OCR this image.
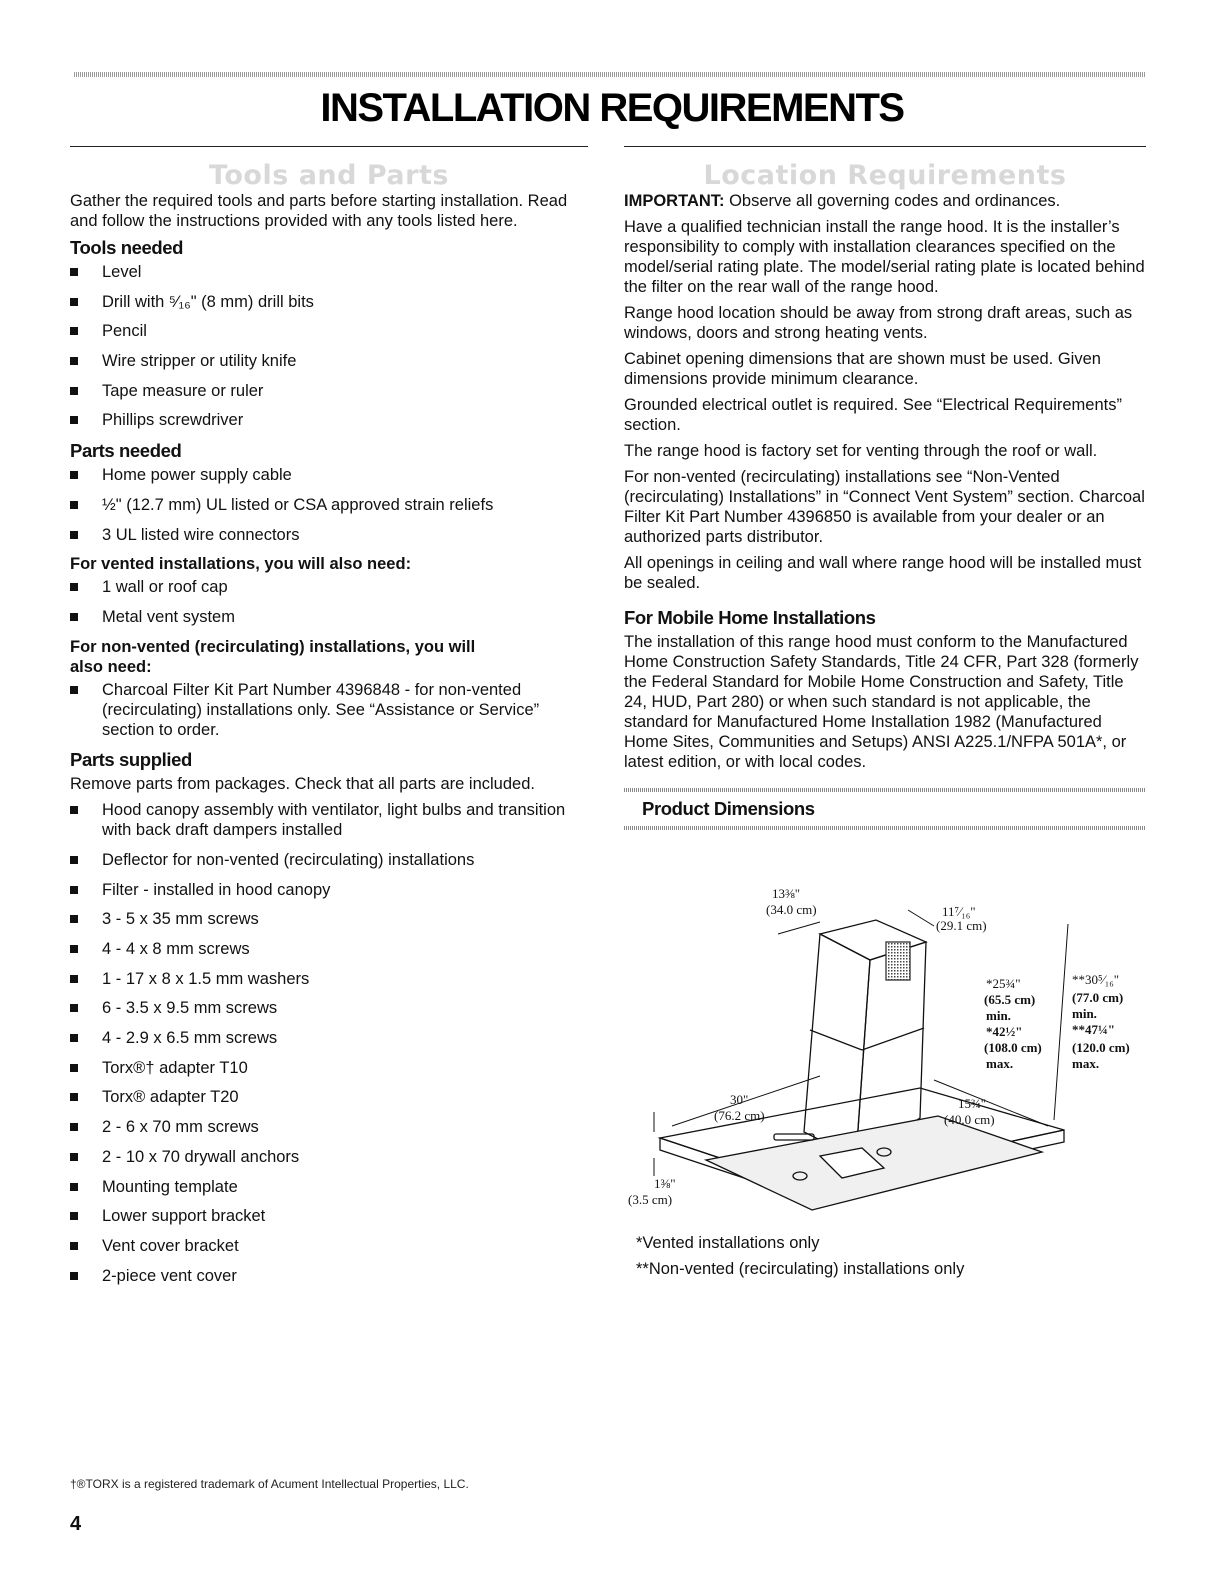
INSTALLATION REQUIREMENTS
Tools and Parts

Gather the required tools and parts before starting installation. Read and follow the instructions provided with any tools listed here.

Tools needed
Level
Drill with ⁵⁄₁₆" (8 mm) drill bits
Pencil
Wire stripper or utility knife
Tape measure or ruler
Phillips screwdriver
Parts needed
Home power supply cable
½" (12.7 mm) UL listed or CSA approved strain reliefs
3 UL listed wire connectors
For vented installations, you will also need:
1 wall or roof cap
Metal vent system
For non-vented (recirculating) installations, you will also need:
Charcoal Filter Kit Part Number 4396848 - for non-vented (recirculating) installations only. See “Assistance or Service” section to order.
Parts supplied

Remove parts from packages. Check that all parts are included.

Hood canopy assembly with ventilator, light bulbs and transition with back draft dampers installed
Deflector for non-vented (recirculating) installations
Filter - installed in hood canopy
3 - 5 x 35 mm screws
4 - 4 x 8 mm screws
1 - 17 x 8 x 1.5 mm washers
6 - 3.5 x 9.5 mm screws
4 - 2.9 x 6.5 mm screws
Torx®† adapter T10
Torx® adapter T20
2 - 6 x 70 mm screws
2 - 10 x 70 drywall anchors
Mounting template
Lower support bracket
Vent cover bracket
2-piece vent cover
Location Requirements

IMPORTANT: Observe all governing codes and ordinances.

Have a qualified technician install the range hood. It is the installer’s responsibility to comply with installation clearances specified on the model/serial rating plate. The model/serial rating plate is located behind the filter on the rear wall of the range hood.

Range hood location should be away from strong draft areas, such as windows, doors and strong heating vents.

Cabinet opening dimensions that are shown must be used. Given dimensions provide minimum clearance.

Grounded electrical outlet is required. See “Electrical Requirements” section.

The range hood is factory set for venting through the roof or wall.

For non-vented (recirculating) installations see “Non-Vented (recirculating) Installations” in “Connect Vent System” section. Charcoal Filter Kit Part Number 4396850 is available from your dealer or an authorized parts distributor.

All openings in ceiling and wall where range hood will be installed must be sealed.

For Mobile Home Installations

The installation of this range hood must conform to the Manufactured Home Construction Safety Standards, Title 24 CFR, Part 328 (formerly the Federal Standard for Mobile Home Construction and Safety, Title 24, HUD, Part 280) or when such standard is not applicable, the standard for Manufactured Home Installation 1982 (Manufactured Home Sites, Communities and Setups) ANSI A225.1/NFPA 501A*, or latest edition, or with local codes.

Product Dimensions
13⅜"
(34.0 cm)	11⁷⁄₁₆"
(29.1 cm)
*25¾"
(65.5 cm)
min.
*42½"
(108.0 cm)
max.
**30⁵⁄₁₆"
(77.0 cm)
min.
**47¼"
(120.0 cm)
max.
30"
(76.2 cm)
15¾"
(40.0 cm)
1⅜"
(3.5 cm)
*Vented installations only
**Non-vented (recirculating) installations only
†®TORX is a registered trademark of Acument Intellectual Properties, LLC.
4
